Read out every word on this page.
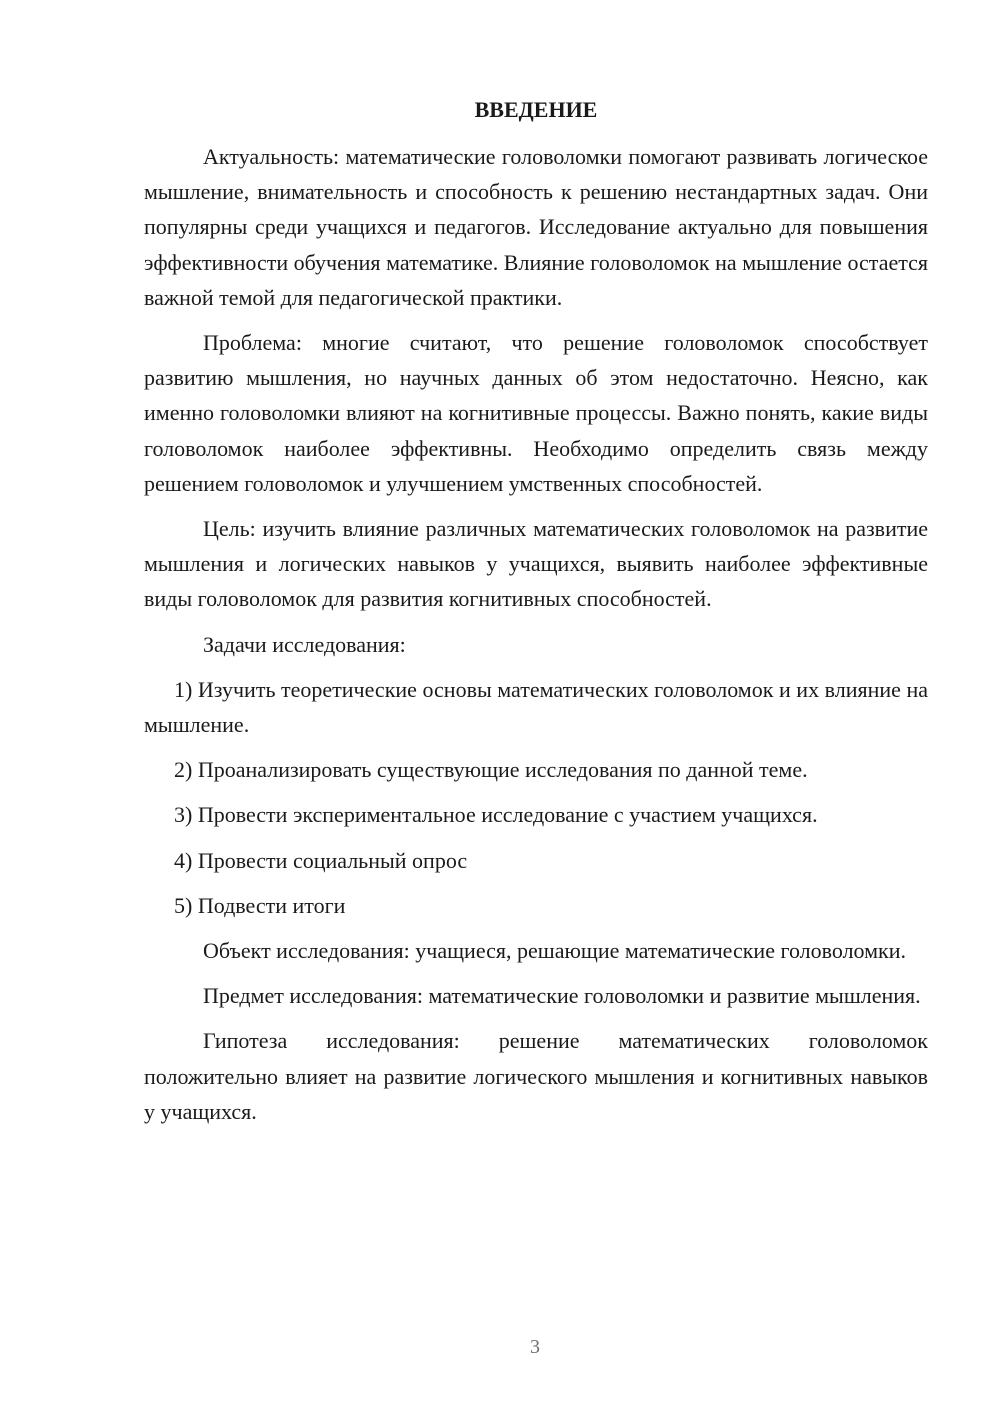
ВВЕДЕНИЕ

Актуальность: математические головоломки помогают развивать логическое мышление, внимательность и способность к решению нестандартных задач. Они популярны среди учащихся и педагогов. Исследование актуально для повышения эффективности обучения математике. Влияние головоломок на мышление остается важной темой для педагогической практики.

Проблема: многие считают, что решение головоломок способствует развитию мышления, но научных данных об этом недостаточно. Неясно, как именно головоломки влияют на когнитивные процессы. Важно понять, какие виды головоломок наиболее эффективны. Необходимо определить связь между решением головоломок и улучшением умственных способностей.

Цель: изучить влияние различных математических головоломок на развитие мышления и логических навыков у учащихся, выявить наиболее эффективные виды головоломок для развития когнитивных способностей.

Задачи исследования:

1) Изучить теоретические основы математических головоломок и их влияние на мышление.

2) Проанализировать существующие исследования по данной теме.

3) Провести экспериментальное исследование с участием учащихся.

4) Провести социальный опрос

5) Подвести итоги

Объект исследования: учащиеся, решающие математические головоломки.

Предмет исследования: математические головоломки и развитие мышления.

Гипотеза исследования: решение математических головоломок положительно влияет на развитие логического мышления и когнитивных навыков у учащихся.

3
